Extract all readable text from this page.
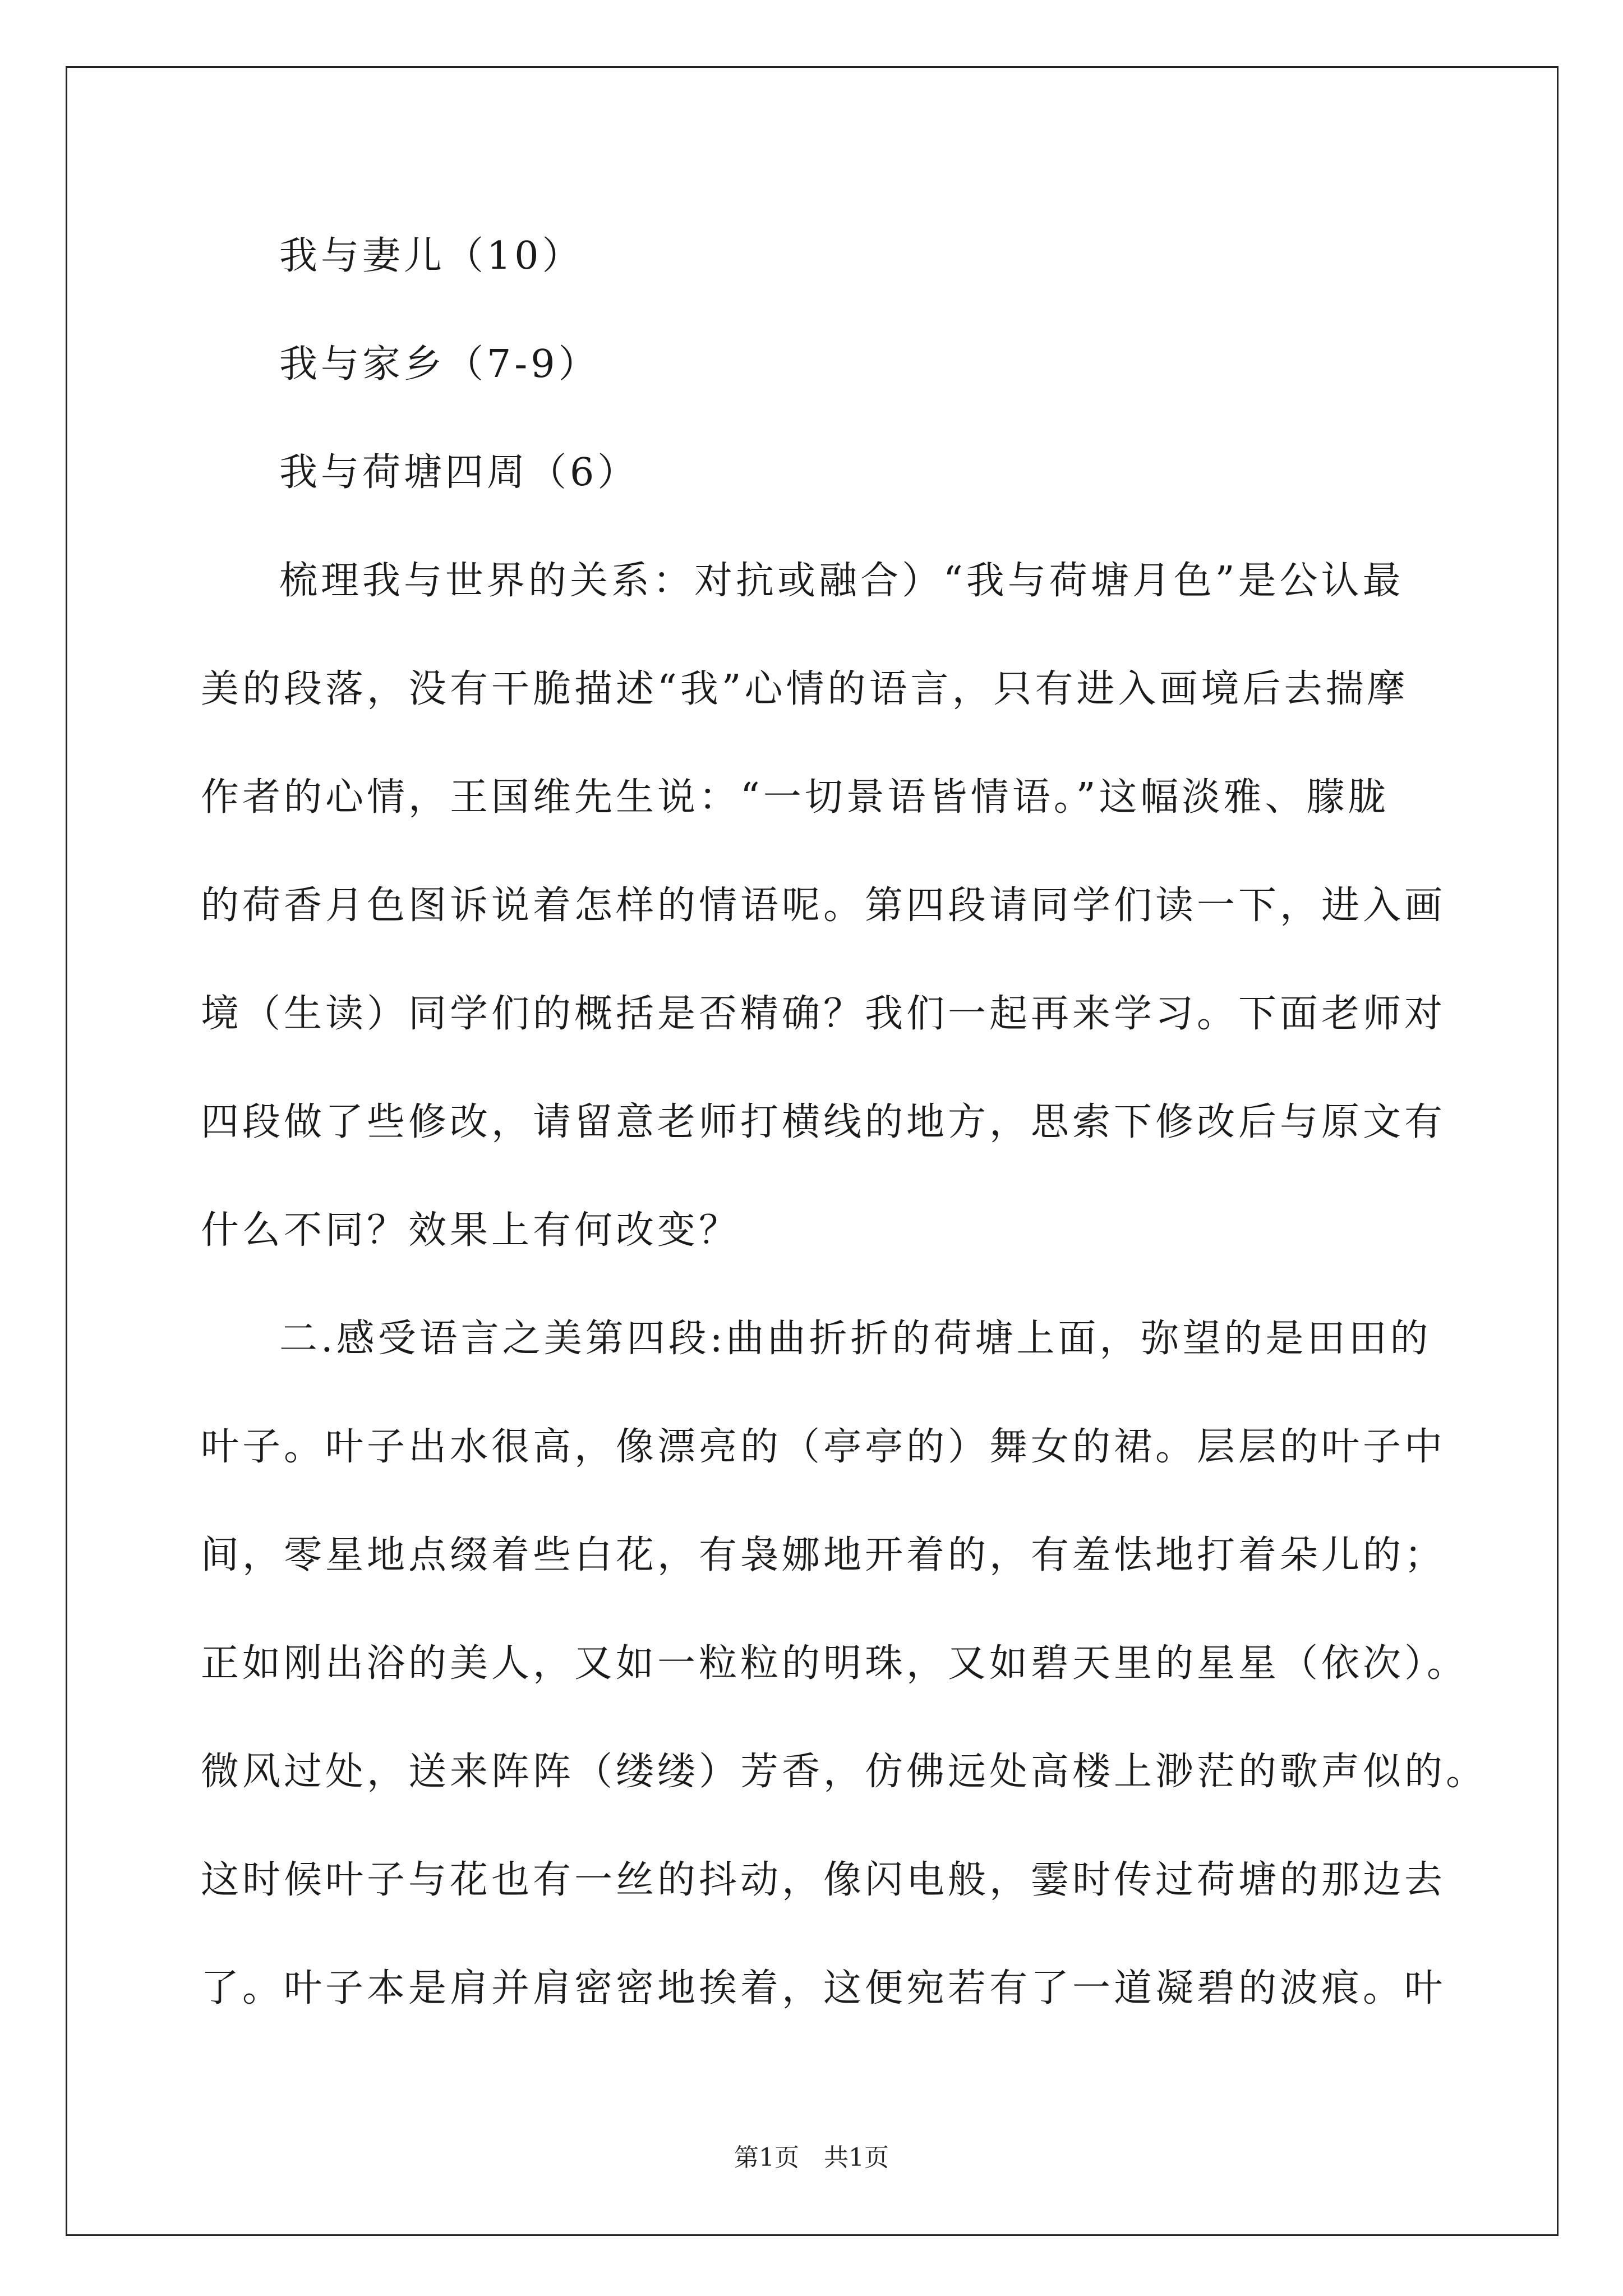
我与妻儿（10）

我与家乡（7-9）

我与荷塘四周（6）

梳理我与世界的关系：对抗或融合）“我与荷塘月色”是公认最

美的段落，没有干脆描述“我”心情的语言，只有进入画境后去揣摩

作者的心情，王国维先生说：“一切景语皆情语。”这幅淡雅、朦胧

的荷香月色图诉说着怎样的情语呢。第四段请同学们读一下，进入画

境（生读）同学们的概括是否精确？我们一起再来学习。下面老师对

四段做了些修改，请留意老师打横线的地方，思索下修改后与原文有

什么不同？效果上有何改变？

二.感受语言之美第四段:曲曲折折的荷塘上面，弥望的是田田的

叶子。叶子出水很高，像漂亮的（亭亭的）舞女的裙。层层的叶子中

间，零星地点缀着些白花，有袅娜地开着的，有羞怯地打着朵儿的；

正如刚出浴的美人，又如一粒粒的明珠，又如碧天里的星星（依次）。

微风过处，送来阵阵（缕缕）芳香，仿佛远处高楼上渺茫的歌声似的。

这时候叶子与花也有一丝的抖动，像闪电般，霎时传过荷塘的那边去

了。叶子本是肩并肩密密地挨着，这便宛若有了一道凝碧的波痕。叶

第1页　共1页
